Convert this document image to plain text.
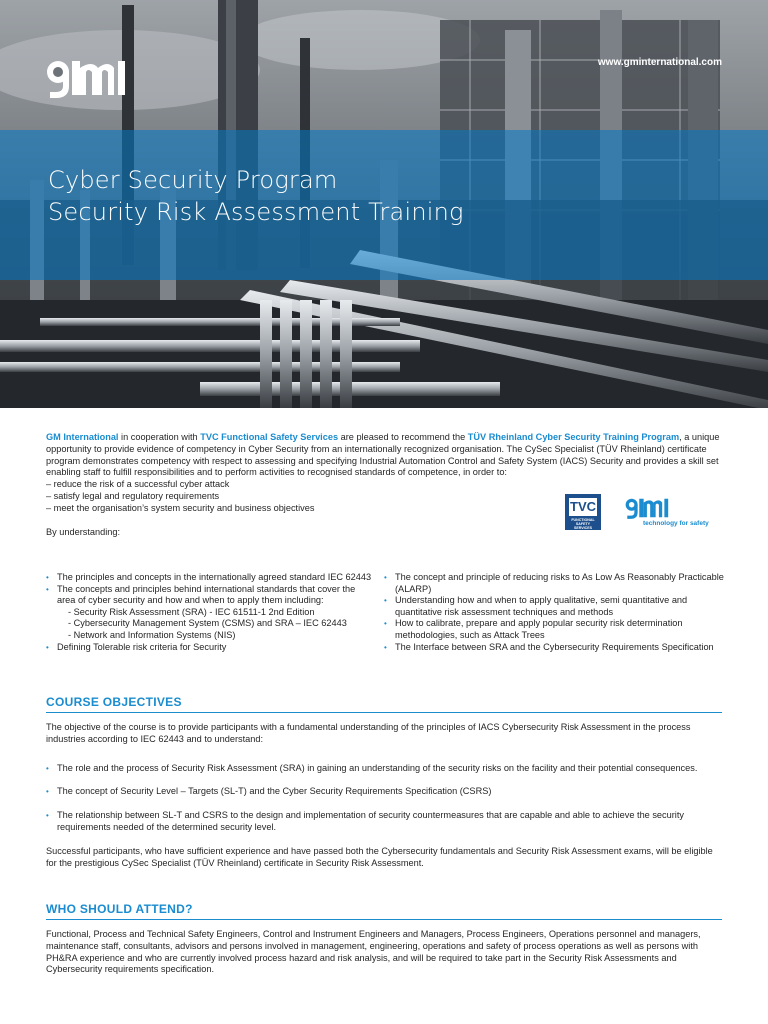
www.gminternational.com
Cyber Security Program
Security Risk Assessment Training

GM International in cooperation with TVC Functional Safety Services are pleased to recommend the TÜV Rheinland Cyber Security Training Program, a unique opportunity to provide evidence of competency in Cyber Security from an internationally recognized organisation. The CySec Specialist (TÜV Rheinland) certificate program demonstrates competency with respect to assessing and specifying Industrial Automation Control and Safety System (IACS) Security and provides a skill set enabling staff to fulfill responsibilities and to perform activities to recognised standards of competence, in order to:

– reduce the risk of a successful cyber attack
– satisfy legal and regulatory requirements
– meet the organisation’s system security and business objectives

By understanding:

TVC
FUNCTIONAL SAFETY SERVICES
technology for safety
• The principles and concepts in the internationally agreed standard IEC 62443
• The concepts and principles behind international standards that cover the area of cyber security and how and when to apply them including:
- Security Risk Assessment (SRA) - IEC 61511-1 2nd Edition
- Cybersecurity Management System (CSMS) and SRA – IEC 62443
- Network and Information Systems (NIS)
• Defining Tolerable risk criteria for Security
• The concept and principle of reducing risks to As Low As Reasonably Practicable (ALARP)
• Understanding how and when to apply qualitative, semi quantitative and quantitative risk assessment techniques and methods
• How to calibrate, prepare and apply popular security risk determination methodologies, such as Attack Trees
• The Interface between SRA and the Cybersecurity Requirements Specification
COURSE OBJECTIVES

The objective of the course is to provide participants with a fundamental understanding of the principles of IACS Cybersecurity Risk Assessment in the process industries according to IEC 62443 and to understand:

• The role and the process of Security Risk Assessment (SRA) in gaining an understanding of the security risks on the facility and their potential consequences.
• The concept of Security Level – Targets (SL-T) and the Cyber Security Requirements Specification (CSRS)
• The relationship between SL-T and CSRS to the design and implementation of security countermeasures that are capable and able to achieve the security requirements needed of the determined security level.

Successful participants, who have sufficient experience and have passed both the Cybersecurity fundamentals and Security Risk Assessment exams, will be eligible for the prestigious CySec Specialist (TÜV Rheinland) certificate in Security Risk Assessment.

WHO SHOULD ATTEND?

Functional, Process and Technical Safety Engineers, Control and Instrument Engineers and Managers, Process Engineers, Operations personnel and managers, maintenance staff, consultants, advisors and persons involved in management, engineering, operations and safety of process operations as well as persons with PH&RA experience and who are currently involved process hazard and risk analysis, and will be required to take part in the Security Risk Assessments and Cybersecurity requirements specification.
